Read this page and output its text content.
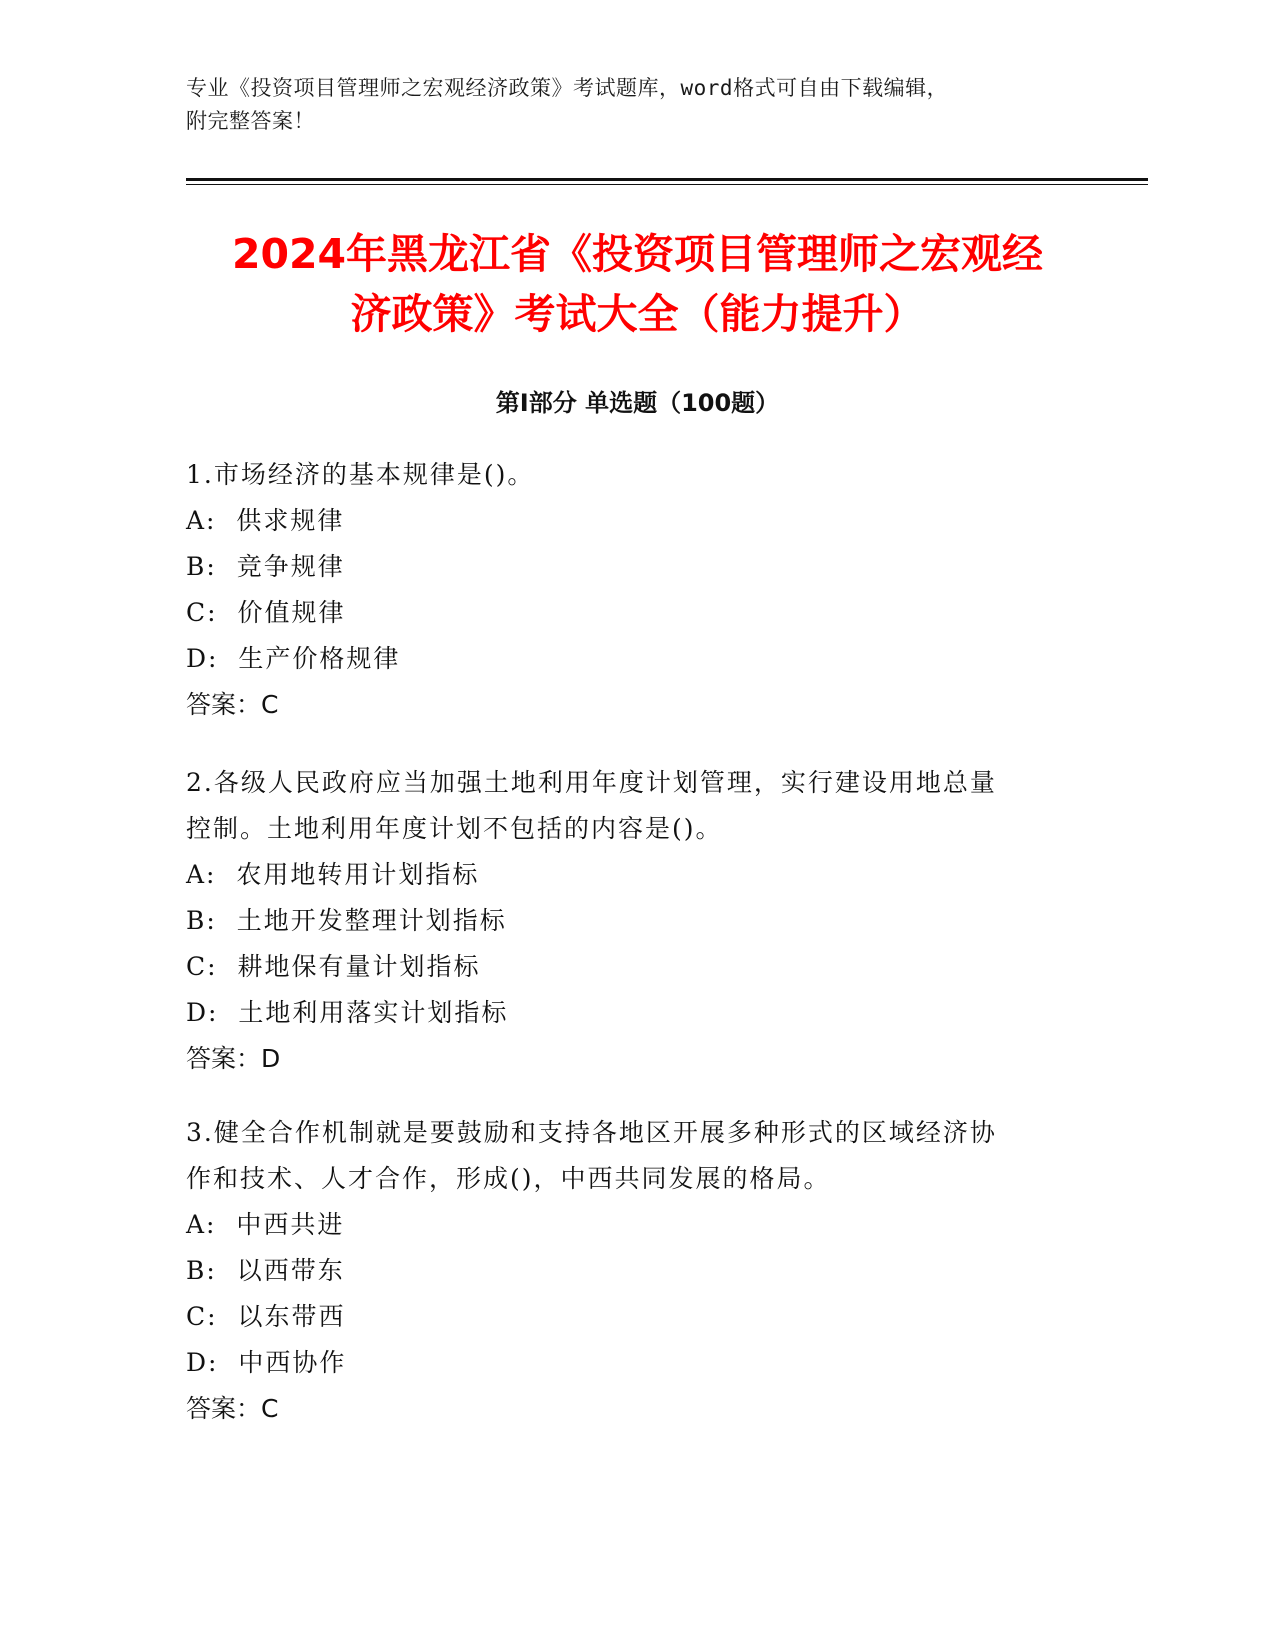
专业《投资项目管理师之宏观经济政策》考试题库，word格式可自由下载编辑，
附完整答案！
2024年黑龙江省《投资项目管理师之宏观经
济政策》考试大全（能力提升）
第Ⅰ部分 单选题（100题）
1.市场经济的基本规律是()。
A:  供求规律
B:  竞争规律
C:  价值规律
D:  生产价格规律
答案：C
2.各级人民政府应当加强土地利用年度计划管理，实行建设用地总量
控制。土地利用年度计划不包括的内容是()。
A:  农用地转用计划指标
B:  土地开发整理计划指标
C:  耕地保有量计划指标
D:  土地利用落实计划指标
答案：D
3.健全合作机制就是要鼓励和支持各地区开展多种形式的区域经济协
作和技术、人才合作，形成()，中西共同发展的格局。
A:  中西共进
B:  以西带东
C:  以东带西
D:  中西协作
答案：C
